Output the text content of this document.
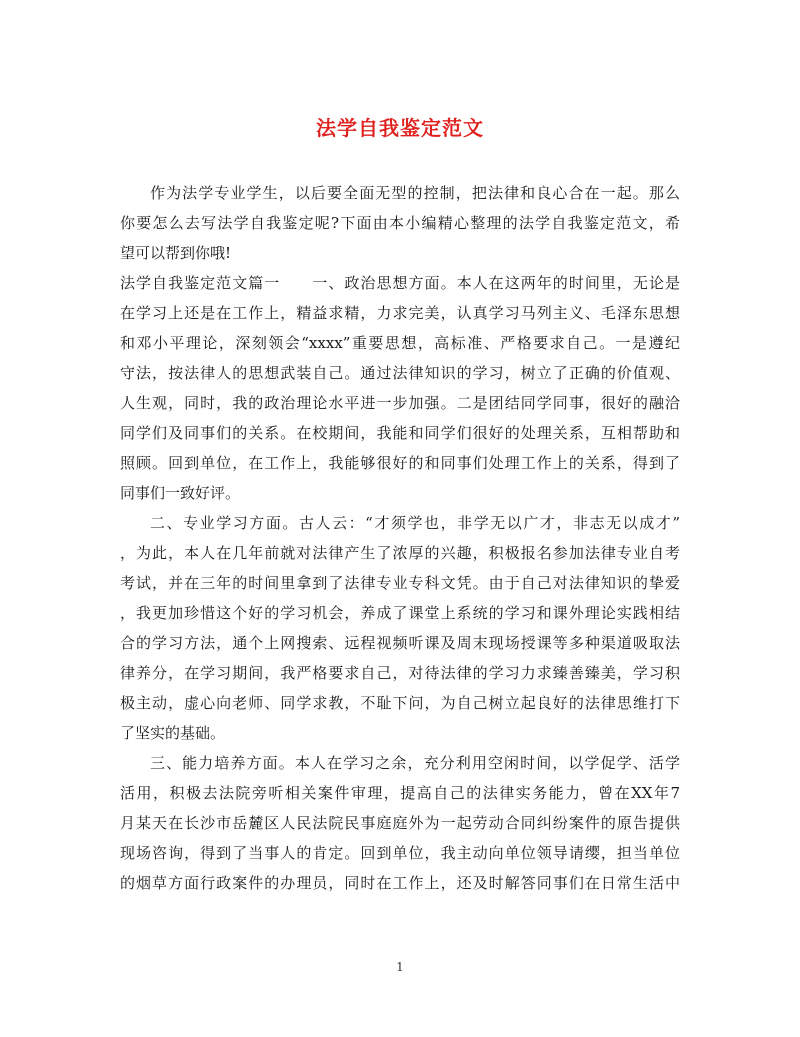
法学自我鉴定范文
作为法学专业学生，以后要全面无型的控制，把法律和良心合在一起。那么
你要怎么去写法学自我鉴定呢?下面由本小编精心整理的法学自我鉴定范文，希
望可以帮到你哦!
法学自我鉴定范文篇一　　一、政治思想方面。本人在这两年的时间里，无论是
在学习上还是在工作上，精益求精，力求完美，认真学习马列主义、毛泽东思想
和邓小平理论，深刻领会“xxxx”重要思想，高标准、严格要求自己。一是遵纪
守法，按法律人的思想武装自己。通过法律知识的学习，树立了正确的价值观、
人生观，同时，我的政治理论水平进一步加强。二是团结同学同事，很好的融洽
同学们及同事们的关系。在校期间，我能和同学们很好的处理关系，互相帮助和
照顾。回到单位，在工作上，我能够很好的和同事们处理工作上的关系，得到了
同事们一致好评。
二、专业学习方面。古人云：“才须学也，非学无以广才，非志无以成才”
，为此，本人在几年前就对法律产生了浓厚的兴趣，积极报名参加法律专业自考
考试，并在三年的时间里拿到了法律专业专科文凭。由于自己对法律知识的挚爱
，我更加珍惜这个好的学习机会，养成了课堂上系统的学习和课外理论实践相结
合的学习方法，通个上网搜索、远程视频听课及周末现场授课等多种渠道吸取法
律养分，在学习期间，我严格要求自己，对待法律的学习力求臻善臻美，学习积
极主动，虚心向老师、同学求教，不耻下问，为自己树立起良好的法律思维打下
了坚实的基础。
三、能力培养方面。本人在学习之余，充分利用空闲时间，以学促学、活学
活用，积极去法院旁听相关案件审理，提高自己的法律实务能力，曾在XX年7
月某天在长沙市岳麓区人民法院民事庭庭外为一起劳动合同纠纷案件的原告提供
现场咨询，得到了当事人的肯定。回到单位，我主动向单位领导请缨，担当单位
的烟草方面行政案件的办理员，同时在工作上，还及时解答同事们在日常生活中
1
